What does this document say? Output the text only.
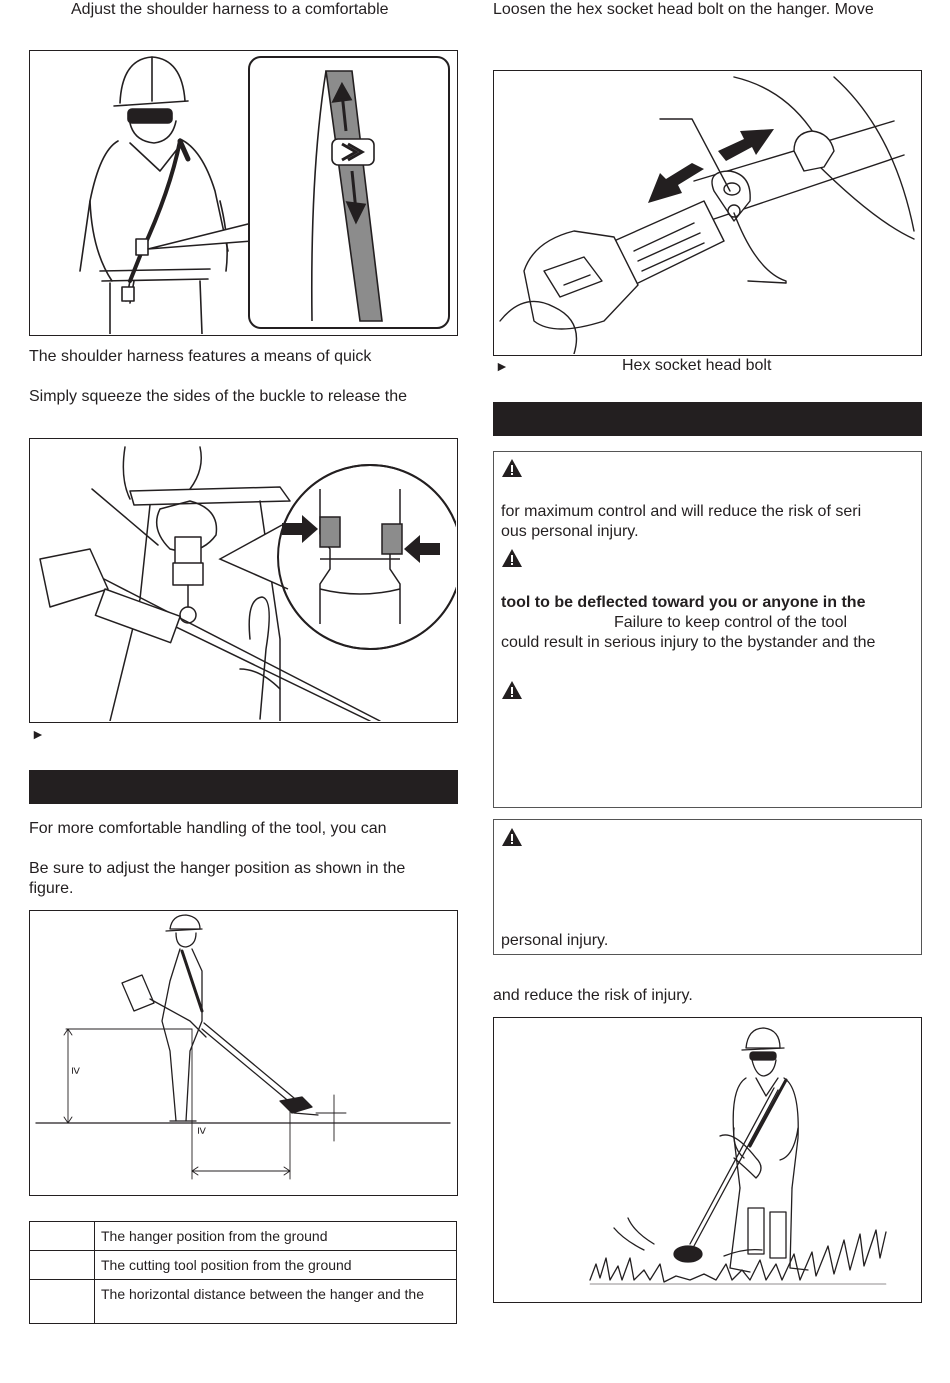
Adjust the shoulder harness to a comfortable
The shoulder harness features a means of quick
Simply squeeze the sides of the buckle to release the
►
For more comfortable handling of the tool, you can
Be sure to adjust the hanger position as shown in the
figure.
≥
≥
	The hanger position from the ground
	The cutting tool position from the ground
	The horizontal distance between the hanger and the
Loosen the hex socket head bolt on the hanger. Move
►	Hex socket head bolt
for maximum control and will reduce the risk of seri
ous personal injury.
tool to be deflected toward you or anyone in the
Failure to keep control of the tool
could result in serious injury to the bystander and the
personal injury.
and reduce the risk of injury.
